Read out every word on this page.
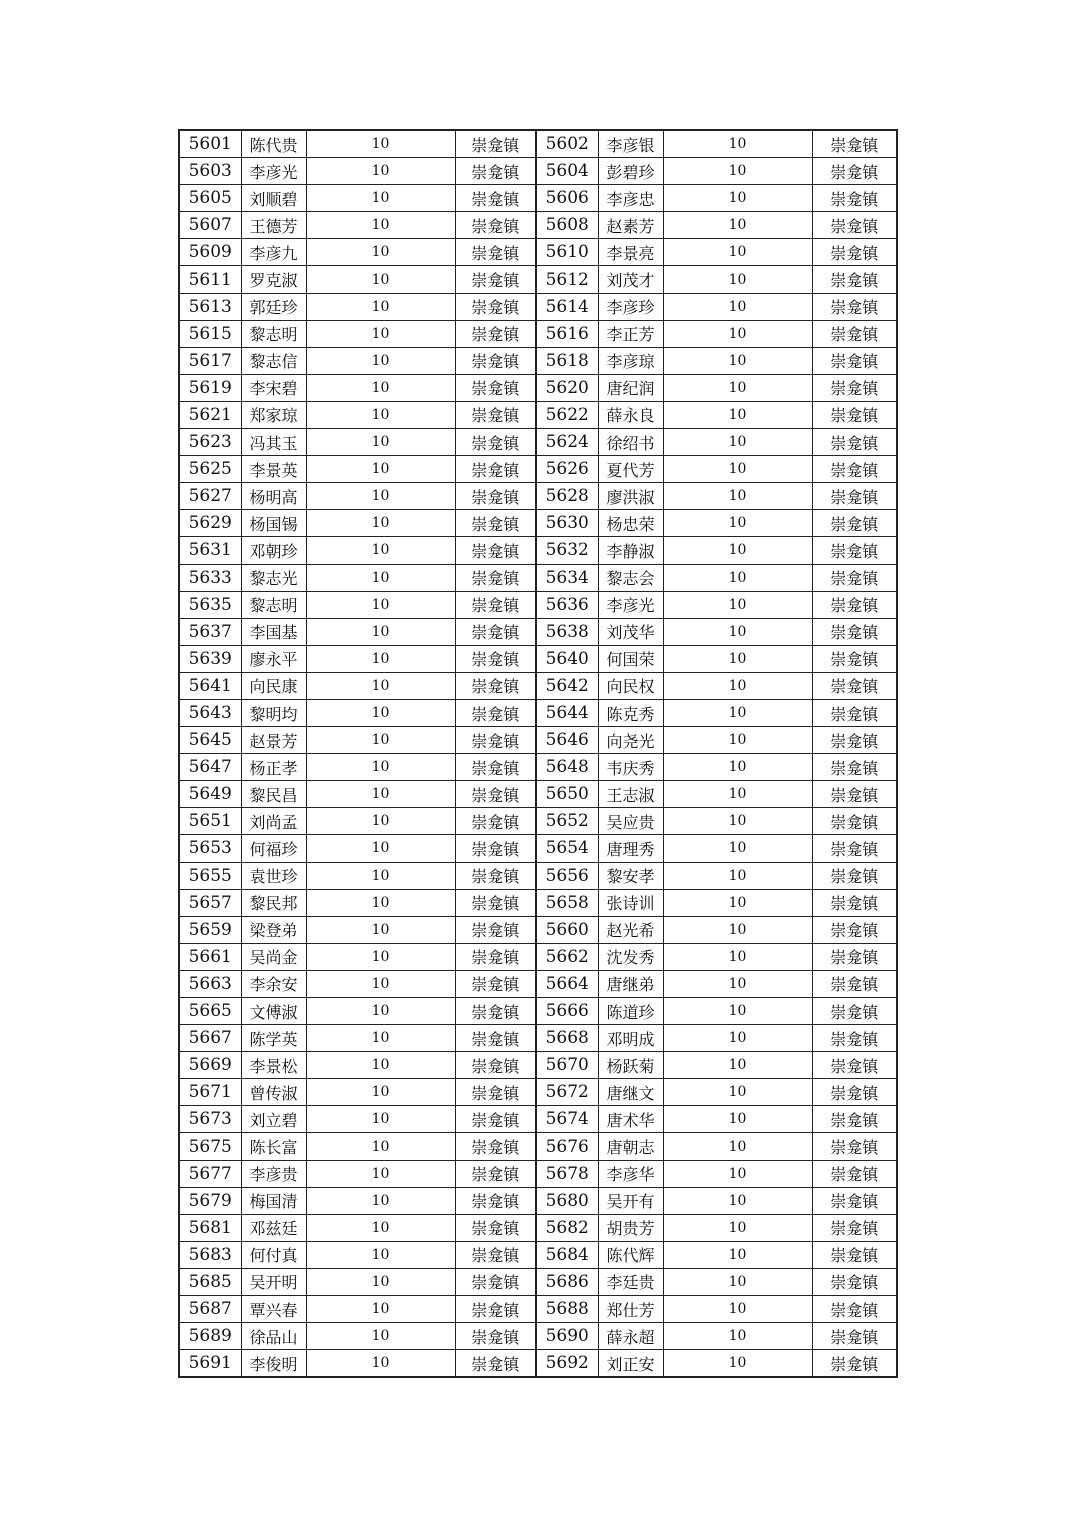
5601	陈代贵	10	崇龛镇	5602	李彦银	10	崇龛镇
5603	李彦光	10	崇龛镇	5604	彭碧珍	10	崇龛镇
5605	刘顺碧	10	崇龛镇	5606	李彦忠	10	崇龛镇
5607	王德芳	10	崇龛镇	5608	赵素芳	10	崇龛镇
5609	李彦九	10	崇龛镇	5610	李景亮	10	崇龛镇
5611	罗克淑	10	崇龛镇	5612	刘茂才	10	崇龛镇
5613	郭廷珍	10	崇龛镇	5614	李彦珍	10	崇龛镇
5615	黎志明	10	崇龛镇	5616	李正芳	10	崇龛镇
5617	黎志信	10	崇龛镇	5618	李彦琼	10	崇龛镇
5619	李宋碧	10	崇龛镇	5620	唐纪润	10	崇龛镇
5621	郑家琼	10	崇龛镇	5622	薛永良	10	崇龛镇
5623	冯其玉	10	崇龛镇	5624	徐绍书	10	崇龛镇
5625	李景英	10	崇龛镇	5626	夏代芳	10	崇龛镇
5627	杨明高	10	崇龛镇	5628	廖洪淑	10	崇龛镇
5629	杨国锡	10	崇龛镇	5630	杨忠荣	10	崇龛镇
5631	邓朝珍	10	崇龛镇	5632	李静淑	10	崇龛镇
5633	黎志光	10	崇龛镇	5634	黎志会	10	崇龛镇
5635	黎志明	10	崇龛镇	5636	李彦光	10	崇龛镇
5637	李国基	10	崇龛镇	5638	刘茂华	10	崇龛镇
5639	廖永平	10	崇龛镇	5640	何国荣	10	崇龛镇
5641	向民康	10	崇龛镇	5642	向民权	10	崇龛镇
5643	黎明均	10	崇龛镇	5644	陈克秀	10	崇龛镇
5645	赵景芳	10	崇龛镇	5646	向尧光	10	崇龛镇
5647	杨正孝	10	崇龛镇	5648	韦庆秀	10	崇龛镇
5649	黎民昌	10	崇龛镇	5650	王志淑	10	崇龛镇
5651	刘尚孟	10	崇龛镇	5652	吴应贵	10	崇龛镇
5653	何福珍	10	崇龛镇	5654	唐理秀	10	崇龛镇
5655	袁世珍	10	崇龛镇	5656	黎安孝	10	崇龛镇
5657	黎民邦	10	崇龛镇	5658	张诗训	10	崇龛镇
5659	梁登弟	10	崇龛镇	5660	赵光希	10	崇龛镇
5661	吴尚金	10	崇龛镇	5662	沈发秀	10	崇龛镇
5663	李余安	10	崇龛镇	5664	唐继弟	10	崇龛镇
5665	文傅淑	10	崇龛镇	5666	陈道珍	10	崇龛镇
5667	陈学英	10	崇龛镇	5668	邓明成	10	崇龛镇
5669	李景松	10	崇龛镇	5670	杨跃菊	10	崇龛镇
5671	曾传淑	10	崇龛镇	5672	唐继文	10	崇龛镇
5673	刘立碧	10	崇龛镇	5674	唐术华	10	崇龛镇
5675	陈长富	10	崇龛镇	5676	唐朝志	10	崇龛镇
5677	李彦贵	10	崇龛镇	5678	李彦华	10	崇龛镇
5679	梅国清	10	崇龛镇	5680	吴开有	10	崇龛镇
5681	邓兹廷	10	崇龛镇	5682	胡贵芳	10	崇龛镇
5683	何付真	10	崇龛镇	5684	陈代辉	10	崇龛镇
5685	吴开明	10	崇龛镇	5686	李廷贵	10	崇龛镇
5687	覃兴春	10	崇龛镇	5688	郑仕芳	10	崇龛镇
5689	徐品山	10	崇龛镇	5690	薛永超	10	崇龛镇
5691	李俊明	10	崇龛镇	5692	刘正安	10	崇龛镇
